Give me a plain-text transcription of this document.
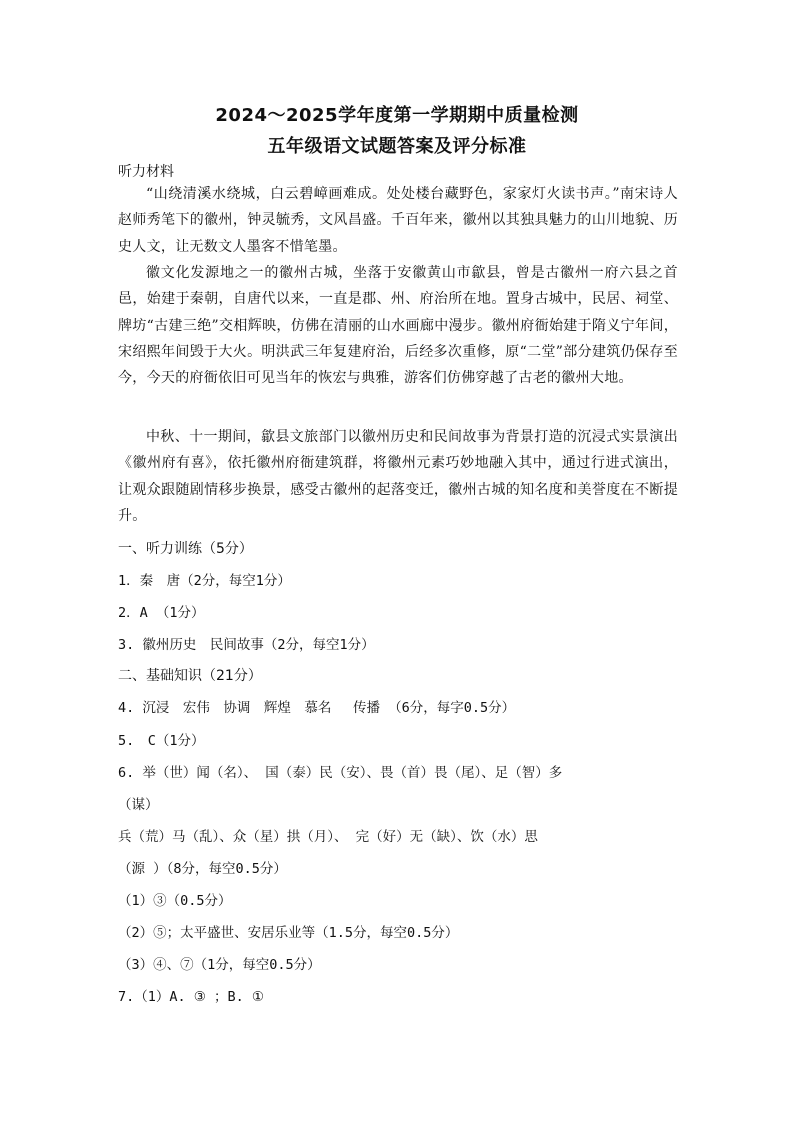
2024～2025学年度第一学期期中质量检测
五年级语文试题答案及评分标准
听力材料
“山绕清溪水绕城，白云碧嶂画难成。处处楼台藏野色，家家灯火读书声。”南宋诗人赵师秀笔下的徽州，钟灵毓秀，文风昌盛。千百年来，徽州以其独具魅力的山川地貌、历史人文，让无数文人墨客不惜笔墨。
徽文化发源地之一的徽州古城，坐落于安徽黄山市歙县，曾是古徽州一府六县之首邑，始建于秦朝，自唐代以来，一直是郡、州、府治所在地。置身古城中，民居、祠堂、牌坊“古建三绝”交相辉映，仿佛在清丽的山水画廊中漫步。徽州府衙始建于隋义宁年间，宋绍熙年间毁于大火。明洪武三年复建府治，后经多次重修，原“二堂”部分建筑仍保存至今，今天的府衙依旧可见当年的恢宏与典雅，游客们仿佛穿越了古老的徽州大地。
中秋、十一期间，歙县文旅部门以徽州历史和民间故事为背景打造的沉浸式实景演出《徽州府有喜》，依托徽州府衙建筑群，将徽州元素巧妙地融入其中，通过行进式演出，让观众跟随剧情移步换景，感受古徽州的起落变迁，徽州古城的知名度和美誉度在不断提升。
一、听力训练（5分）
1．秦　唐（2分，每空1分）
2．A （1分）
3. 徽州历史　民间故事（2分，每空1分）
二、基础知识（21分）
4. 沉浸　宏伟　协调　辉煌　慕名　 传播 （6分，每字0.5分）
5.　C（1分）
6. 举（世）闻（名）、 国（泰）民（安）、畏（首）畏（尾）、足（智）多
（谋）
兵（荒）马（乱）、众（星）拱（月）、 完（好）无（缺）、饮（水）思
（源 ）（8分，每空0.5分）
（1）③（0.5分）
（2）⑤；太平盛世、安居乐业等（1.5分，每空0.5分）
（3）④、⑦（1分，每空0.5分）
7.（1）A. ③ ；B. ①
